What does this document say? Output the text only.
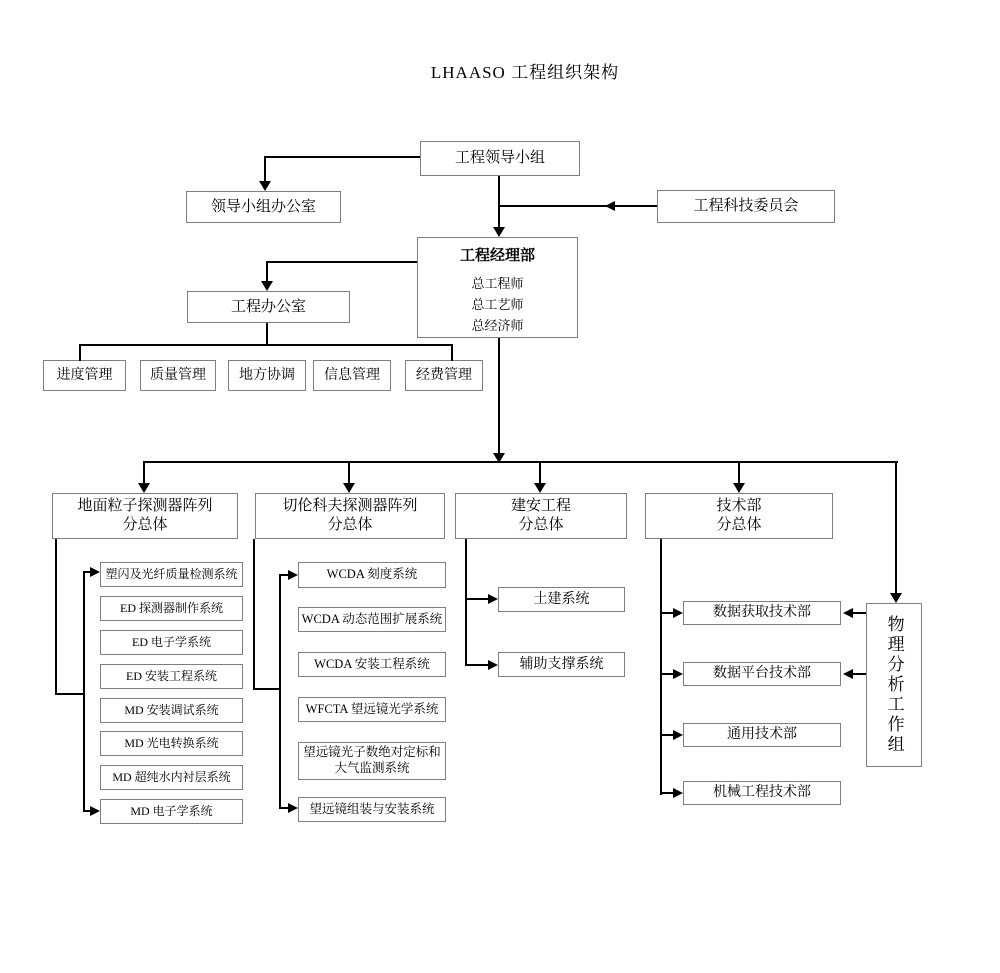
LHAASO 工程组织架构
工程领导小组
领导小组办公室	工程科技委员会
工程经理部
总工程师
总工艺师
总经济师
工程办公室
进度管理	质量管理	地方协调	信息管理	经费管理
地面粒子探测器阵列
分总体
切伦科夫探测器阵列
分总体
建安工程
分总体
技术部
分总体
塑闪及光纤质量检测系统
ED 探测器制作系统
ED 电子学系统
ED 安装工程系统
MD 安装调试系统
MD 光电转换系统
MD 超纯水内衬层系统
MD 电子学系统
WCDA 刻度系统
WCDA 动态范围扩展系统
WCDA 安装工程系统
WFCTA 望远镜光学系统
望远镜光子数绝对定标和大气监测系统
望远镜组装与安装系统
土建系统
辅助支撑系统
数据获取技术部
数据平台技术部
通用技术部
机械工程技术部
物理分析工作组
